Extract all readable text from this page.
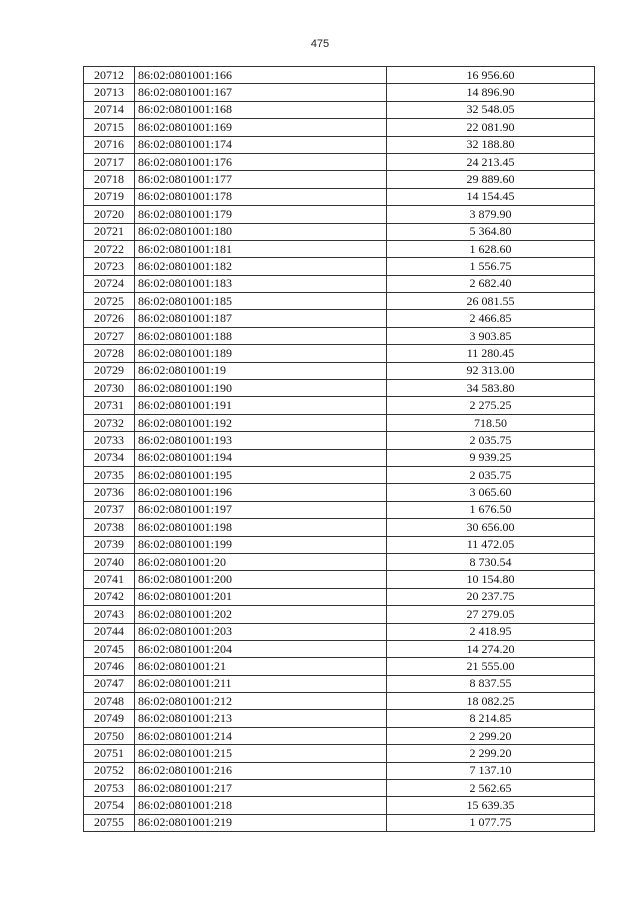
475
20712	86:02:0801001:166	16 956.60
20713	86:02:0801001:167	14 896.90
20714	86:02:0801001:168	32 548.05
20715	86:02:0801001:169	22 081.90
20716	86:02:0801001:174	32 188.80
20717	86:02:0801001:176	24 213.45
20718	86:02:0801001:177	29 889.60
20719	86:02:0801001:178	14 154.45
20720	86:02:0801001:179	3 879.90
20721	86:02:0801001:180	5 364.80
20722	86:02:0801001:181	1 628.60
20723	86:02:0801001:182	1 556.75
20724	86:02:0801001:183	2 682.40
20725	86:02:0801001:185	26 081.55
20726	86:02:0801001:187	2 466.85
20727	86:02:0801001:188	3 903.85
20728	86:02:0801001:189	11 280.45
20729	86:02:0801001:19	92 313.00
20730	86:02:0801001:190	34 583.80
20731	86:02:0801001:191	2 275.25
20732	86:02:0801001:192	718.50
20733	86:02:0801001:193	2 035.75
20734	86:02:0801001:194	9 939.25
20735	86:02:0801001:195	2 035.75
20736	86:02:0801001:196	3 065.60
20737	86:02:0801001:197	1 676.50
20738	86:02:0801001:198	30 656.00
20739	86:02:0801001:199	11 472.05
20740	86:02:0801001:20	8 730.54
20741	86:02:0801001:200	10 154.80
20742	86:02:0801001:201	20 237.75
20743	86:02:0801001:202	27 279.05
20744	86:02:0801001:203	2 418.95
20745	86:02:0801001:204	14 274.20
20746	86:02:0801001:21	21 555.00
20747	86:02:0801001:211	8 837.55
20748	86:02:0801001:212	18 082.25
20749	86:02:0801001:213	8 214.85
20750	86:02:0801001:214	2 299.20
20751	86:02:0801001:215	2 299.20
20752	86:02:0801001:216	7 137.10
20753	86:02:0801001:217	2 562.65
20754	86:02:0801001:218	15 639.35
20755	86:02:0801001:219	1 077.75
